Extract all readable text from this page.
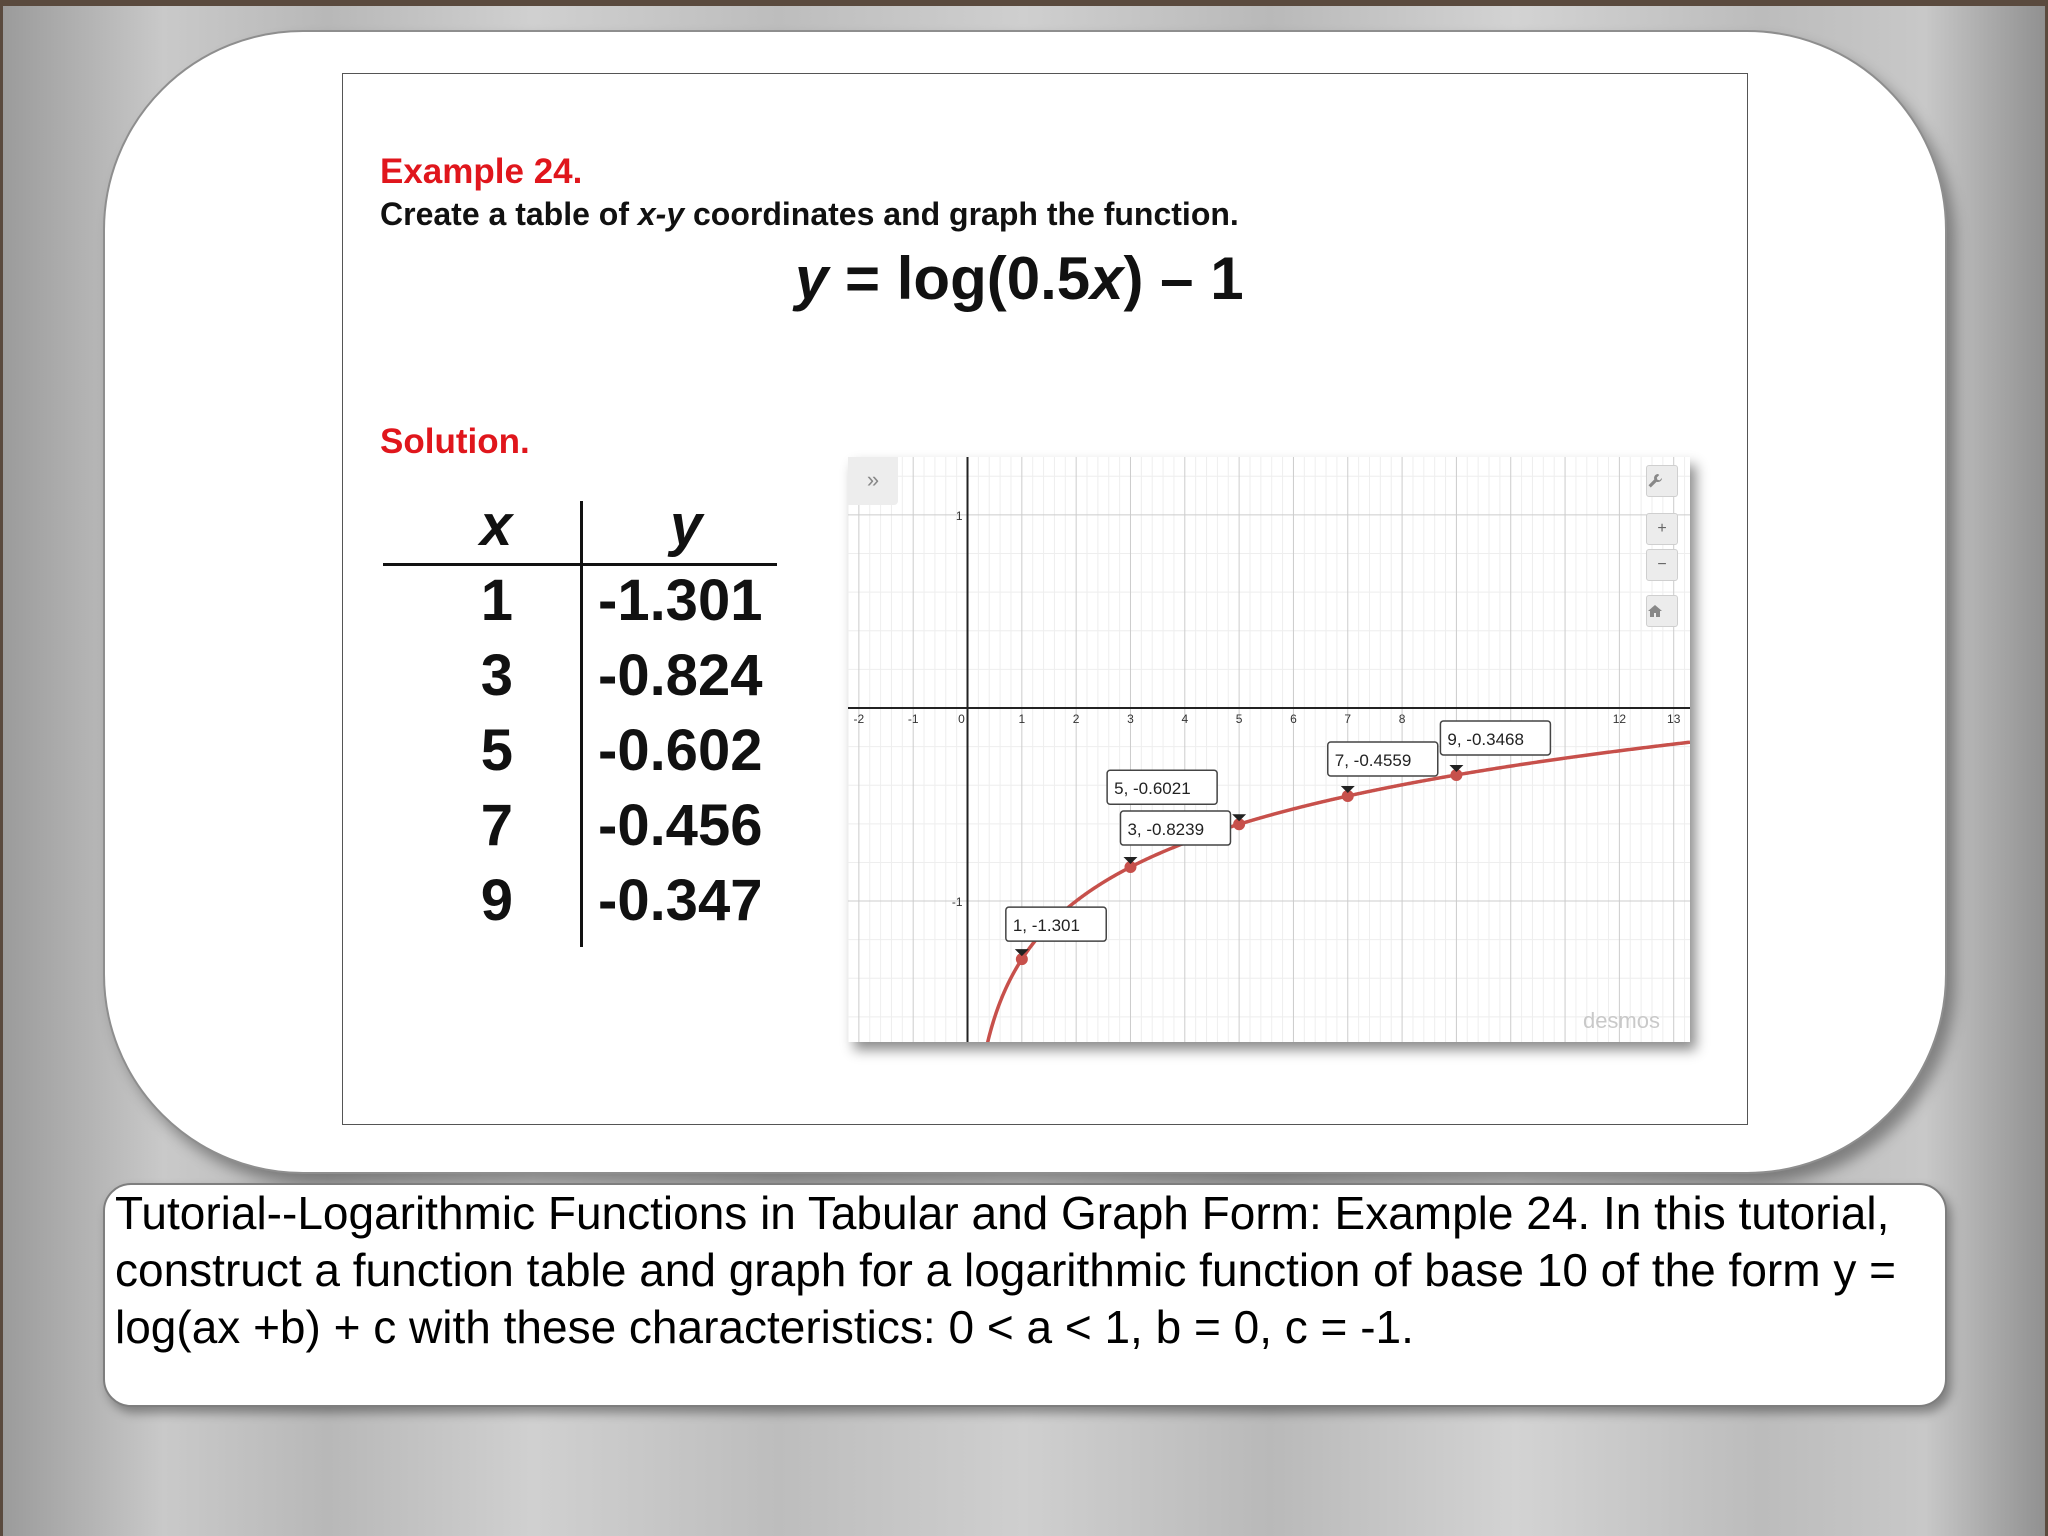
Example 24.
Create a table of x-y coordinates and graph the function.
y = log(0.5x) – 1
Solution.
x	y
1 -1.301
3 -0.824
5 -0.602
7 -0.456
9 -0.347
-2	-1	0	1	2	3	4	5	6	7	8	12	13
1
-1
1, -1.301
3, -0.8239
5, -0.6021
7, -0.4559
9, -0.3468
»
+
−
desmos
Tutorial--Logarithmic Functions in Tabular and Graph Form: Example 24. In this tutorial, construct a function table and graph for a logarithmic function of base 10 of the form y = log(ax +b) + c with these characteristics: 0 < a < 1, b = 0, c = -1.
